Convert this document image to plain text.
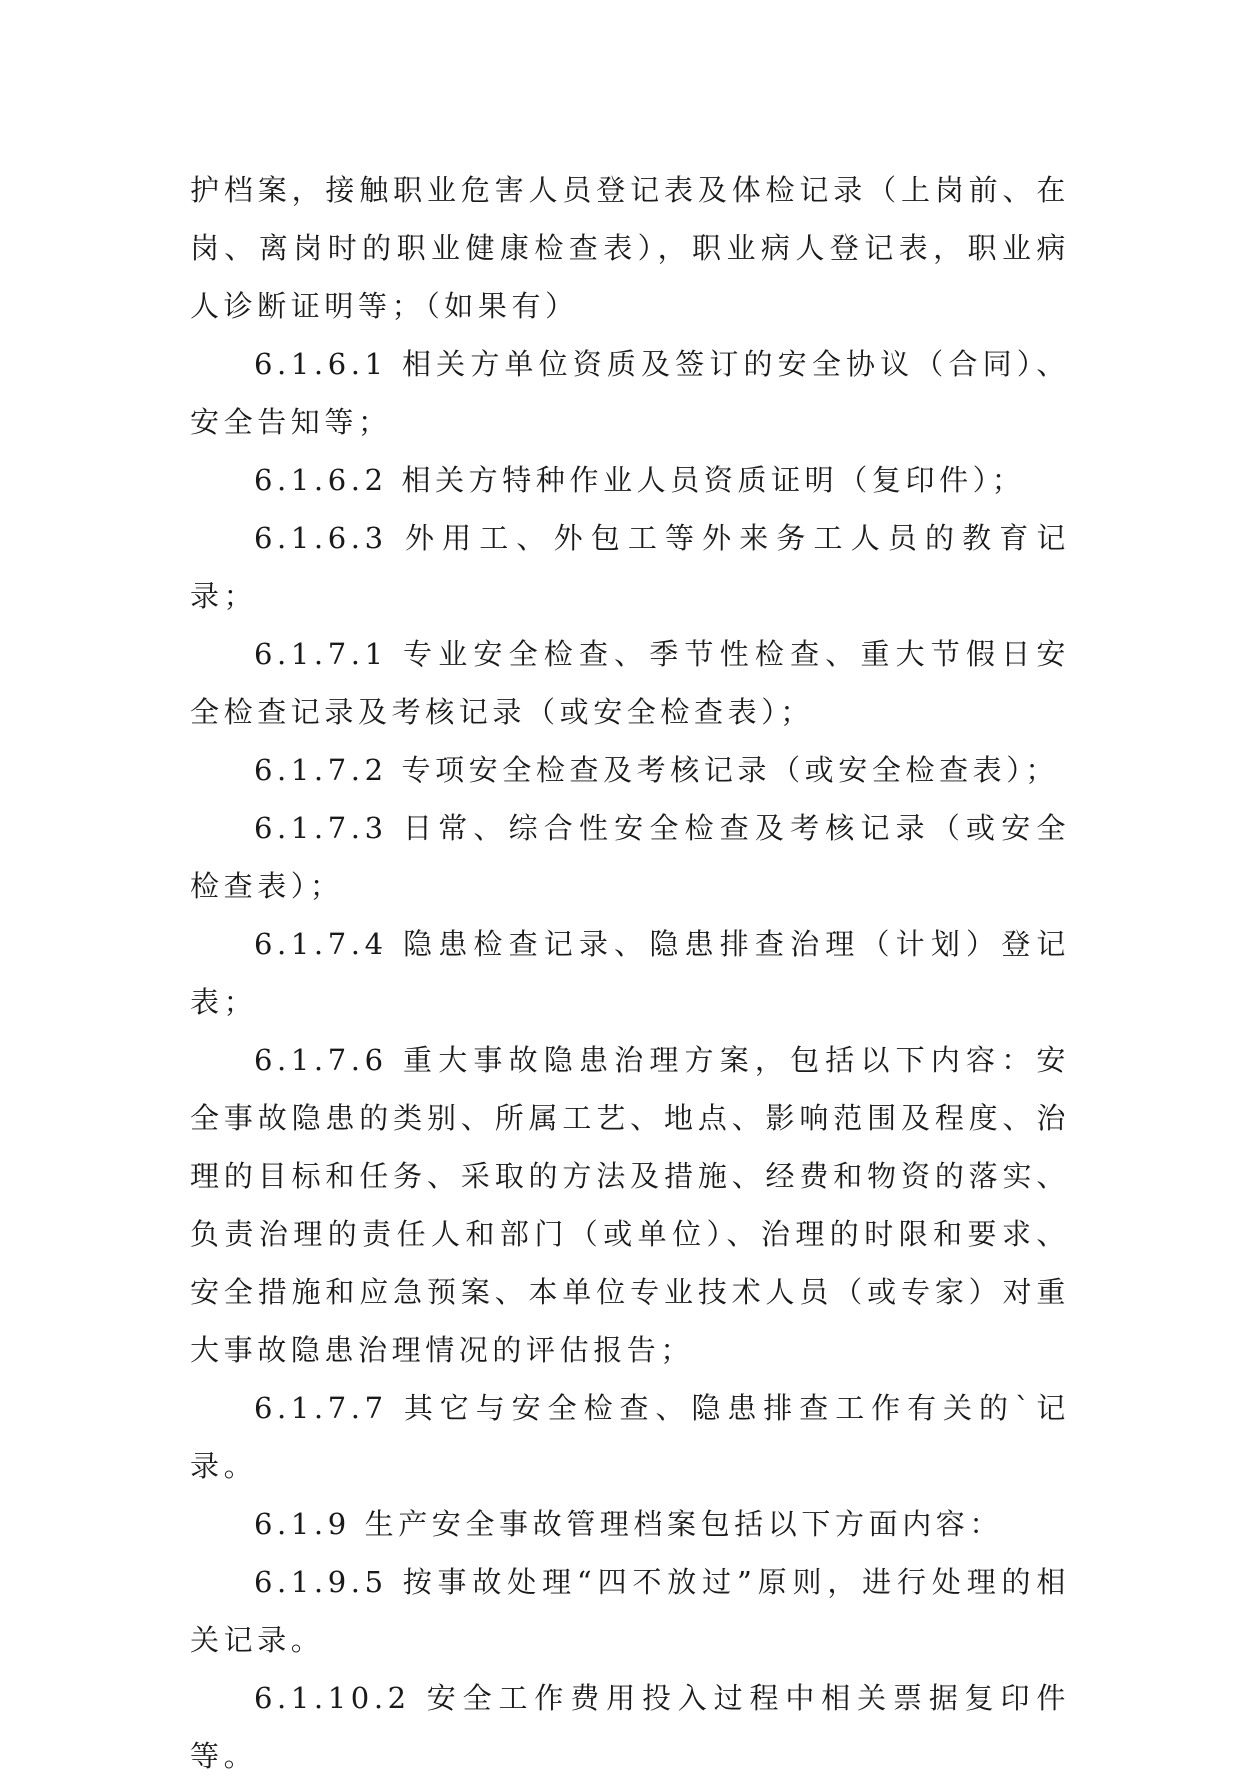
护档案，接触职业危害人员登记表及体检记录（上岗前、在岗、离岗时的职业健康检查表），职业病人登记表，职业病人诊断证明等；（如果有）

6.1.6.1 相关方单位资质及签订的安全协议（合同）、安全告知等；

6.1.6.2 相关方特种作业人员资质证明（复印件）；

6.1.6.3 外用工、外包工等外来务工人员的教育记录；

6.1.7.1 专业安全检查、季节性检查、重大节假日安全检查记录及考核记录（或安全检查表）；

6.1.7.2 专项安全检查及考核记录（或安全检查表）；

6.1.7.3 日常、综合性安全检查及考核记录（或安全检查表）；

6.1.7.4 隐患检查记录、隐患排查治理（计划）登记表；

6.1.7.6 重大事故隐患治理方案，包括以下内容：安全事故隐患的类别、所属工艺、地点、影响范围及程度、治理的目标和任务、采取的方法及措施、经费和物资的落实、负责治理的责任人和部门（或单位）、治理的时限和要求、安全措施和应急预案、本单位专业技术人员（或专家）对重大事故隐患治理情况的评估报告；

6.1.7.7 其它与安全检查、隐患排查工作有关的`记录。

6.1.9 生产安全事故管理档案包括以下方面内容：

6.1.9.5 按事故处理“四不放过”原则，进行处理的相关记录。

6.1.10.2 安全工作费用投入过程中相关票据复印件等。
